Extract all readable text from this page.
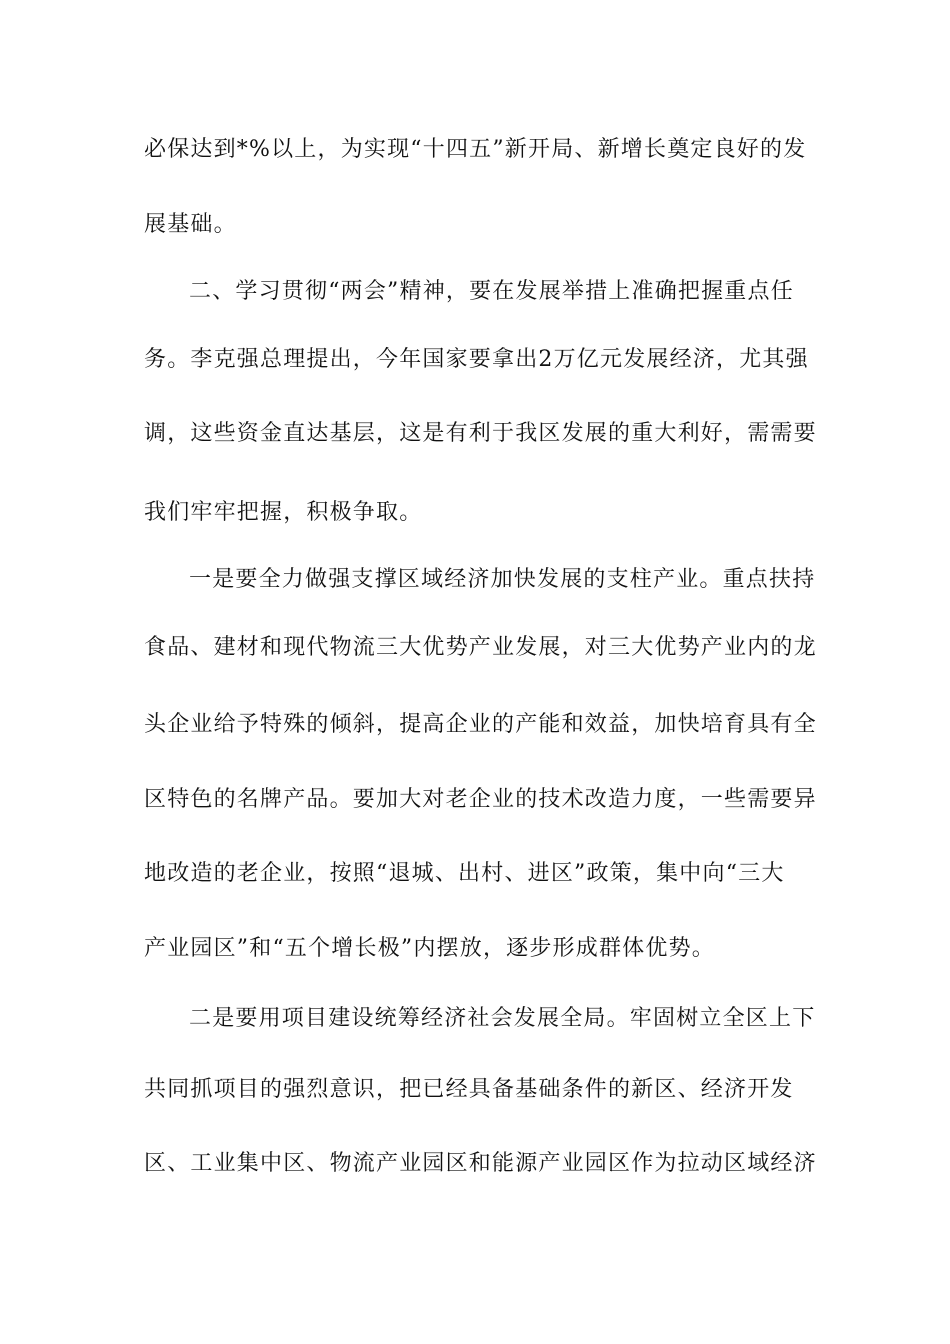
必保达到*%以上，为实现“十四五”新开局、新增长奠定良好的发
展基础。
二、学习贯彻“两会”精神，要在发展举措上准确把握重点任
务。李克强总理提出，今年国家要拿出2万亿元发展经济，尤其强
调，这些资金直达基层，这是有利于我区发展的重大利好，需需要
我们牢牢把握，积极争取。
一是要全力做强支撑区域经济加快发展的支柱产业。重点扶持
食品、建材和现代物流三大优势产业发展，对三大优势产业内的龙
头企业给予特殊的倾斜，提高企业的产能和效益，加快培育具有全
区特色的名牌产品。要加大对老企业的技术改造力度，一些需要异
地改造的老企业，按照“退城、出村、进区”政策，集中向“三大
产业园区”和“五个增长极”内摆放，逐步形成群体优势。
二是要用项目建设统筹经济社会发展全局。牢固树立全区上下
共同抓项目的强烈意识，把已经具备基础条件的新区、经济开发
区、工业集中区、物流产业园区和能源产业园区作为拉动区域经济
